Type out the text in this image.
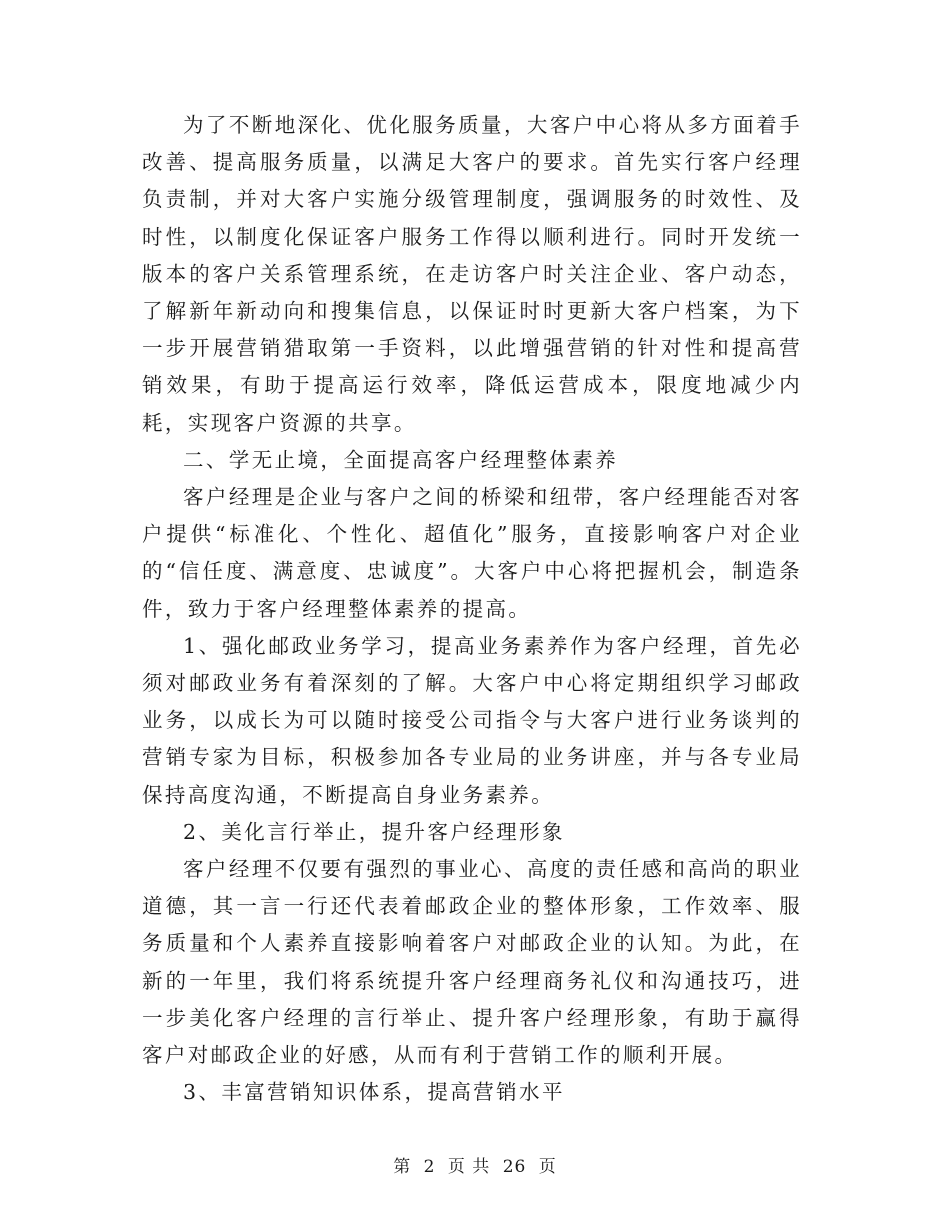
为了不断地深化、优化服务质量，大客户中心将从多方面着手改善、提高服务质量，以满足大客户的要求。首先实行客户经理负责制，并对大客户实施分级管理制度，强调服务的时效性、及时性，以制度化保证客户服务工作得以顺利进行。同时开发统一版本的客户关系管理系统，在走访客户时关注企业、客户动态，了解新年新动向和搜集信息，以保证时时更新大客户档案，为下一步开展营销猎取第一手资料，以此增强营销的针对性和提高营销效果，有助于提高运行效率，降低运营成本，限度地减少内耗，实现客户资源的共享。

二、学无止境，全面提高客户经理整体素养

客户经理是企业与客户之间的桥梁和纽带，客户经理能否对客户提供“标准化、个性化、超值化”服务，直接影响客户对企业的“信任度、满意度、忠诚度”。大客户中心将把握机会，制造条件，致力于客户经理整体素养的提高。

1、强化邮政业务学习，提高业务素养作为客户经理，首先必须对邮政业务有着深刻的了解。大客户中心将定期组织学习邮政业务，以成长为可以随时接受公司指令与大客户进行业务谈判的营销专家为目标，积极参加各专业局的业务讲座，并与各专业局保持高度沟通，不断提高自身业务素养。

2、美化言行举止，提升客户经理形象

客户经理不仅要有强烈的事业心、高度的责任感和高尚的职业道德，其一言一行还代表着邮政企业的整体形象，工作效率、服务质量和个人素养直接影响着客户对邮政企业的认知。为此，在新的一年里，我们将系统提升客户经理商务礼仪和沟通技巧，进一步美化客户经理的言行举止、提升客户经理形象，有助于赢得客户对邮政企业的好感，从而有利于营销工作的顺利开展。

3、丰富营销知识体系，提高营销水平

第 2 页 共 26 页
